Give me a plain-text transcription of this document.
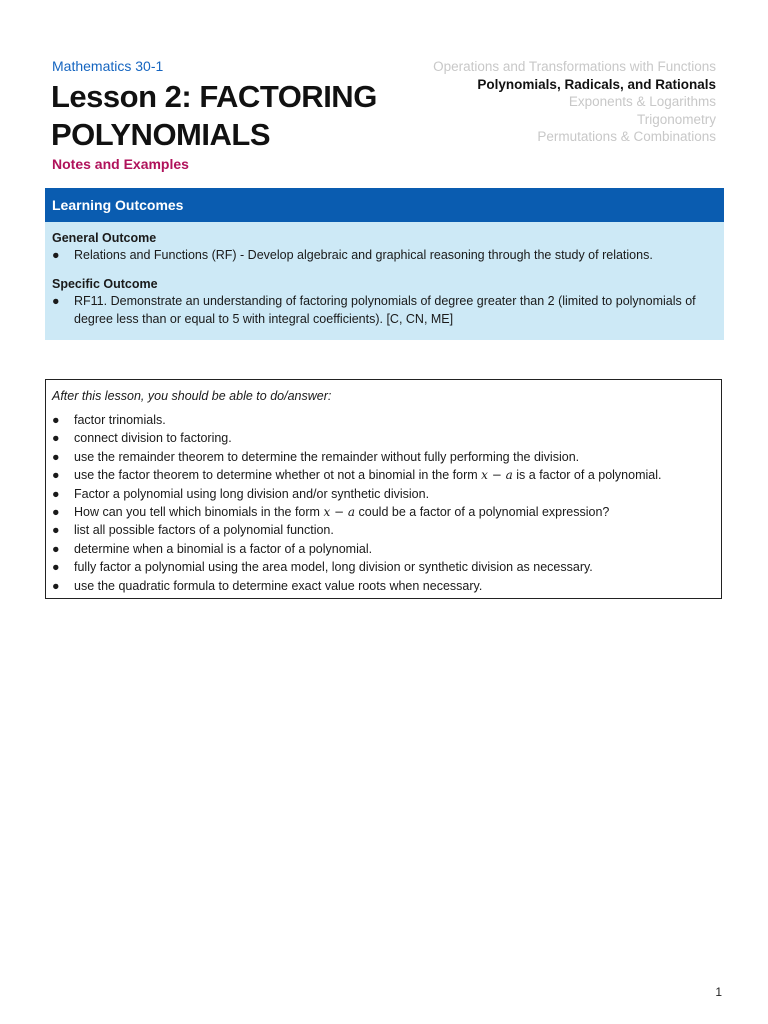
Mathematics 30-1
Lesson 2: FACTORING POLYNOMIALS
Notes and Examples
Operations and Transformations with Functions
Polynomials, Radicals, and Rationals
Exponents & Logarithms
Trigonometry
Permutations & Combinations
Learning Outcomes
General Outcome
●	Relations and Functions (RF) - Develop algebraic and graphical reasoning through the study of relations.
Specific Outcome
●	RF11. Demonstrate an understanding of factoring polynomials of degree greater than 2 (limited to polynomials of degree less than or equal to 5 with integral coefficients). [C, CN, ME]
After this lesson, you should be able to do/answer:
●	factor trinomials.
●	connect division to factoring.
●	use the remainder theorem to determine the remainder without fully performing the division.
●	use the factor theorem to determine whether ot not a binomial in the form x − a is a factor of a polynomial.
●	Factor a polynomial using long division and/or synthetic division.
●	How can you tell which binomials in the form x − a could be a factor of a polynomial expression?
●	list all possible factors of a polynomial function.
●	determine when a binomial is a factor of a polynomial.
●	fully factor a polynomial using the area model, long division or synthetic division as necessary.
●	use the quadratic formula to determine exact value roots when necessary.
1
